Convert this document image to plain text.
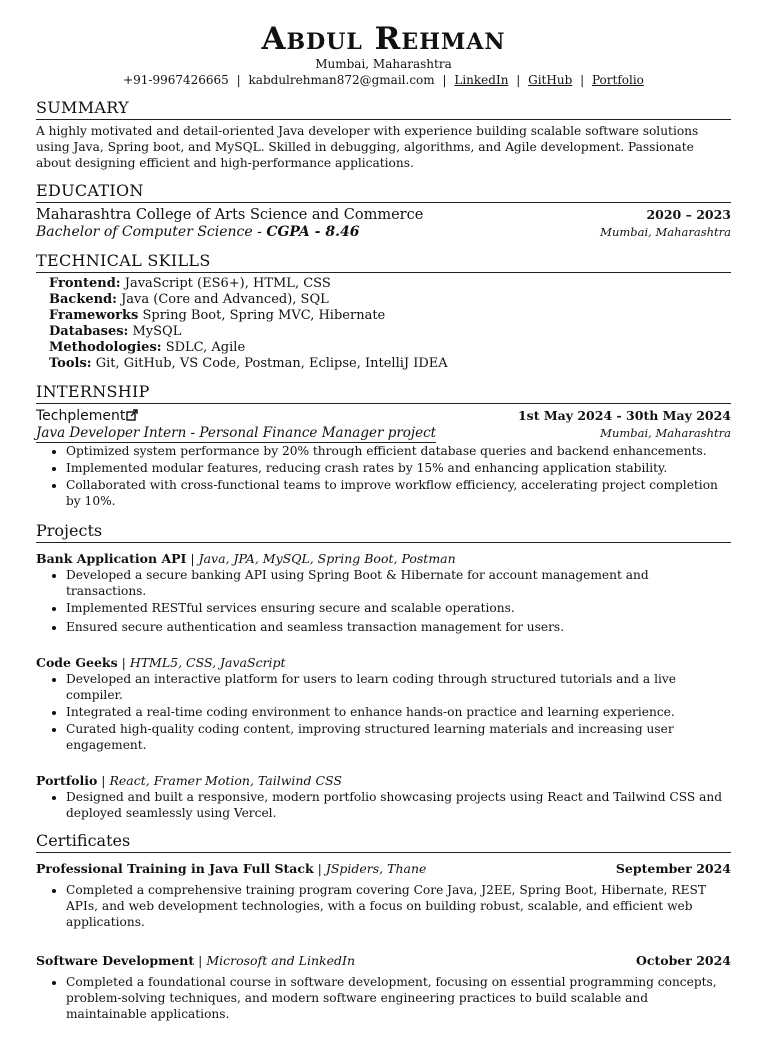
Abdul Rehman
Mumbai, Maharashtra
+91-9967426665 | kabdulrehman872@gmail.com | LinkedIn | GitHub | Portfolio
SUMMARY
A highly motivated and detail-oriented Java developer with experience building scalable software solutions using Java, Spring boot, and MySQL. Skilled in debugging, algorithms, and Agile development. Passionate about designing efficient and high-performance applications.
EDUCATION
Maharashtra College of Arts Science and Commerce	2020 – 2023
Bachelor of Computer Science - CGPA - 8.46	Mumbai, Maharashtra
TECHNICAL SKILLS
Frontend: JavaScript (ES6+), HTML, CSS
Backend: Java (Core and Advanced), SQL
Frameworks Spring Boot, Spring MVC, Hibernate
Databases: MySQL
Methodologies: SDLC, Agile
Tools: Git, GitHub, VS Code, Postman, Eclipse, IntelliJ IDEA
INTERNSHIP
Techplement	1st May 2024 - 30th May 2024
Java Developer Intern - Personal Finance Manager project	Mumbai, Maharashtra
• Optimized system performance by 20% through efficient database queries and backend enhancements.
• Implemented modular features, reducing crash rates by 15% and enhancing application stability.
• Collaborated with cross-functional teams to improve workflow efficiency, accelerating project completion by 10%.
Projects
Bank Application API | Java, JPA, MySQL, Spring Boot, Postman
• Developed a secure banking API using Spring Boot & Hibernate for account management and transactions.
• Implemented RESTful services ensuring secure and scalable operations.
• Ensured secure authentication and seamless transaction management for users.
Code Geeks | HTML5, CSS, JavaScript
• Developed an interactive platform for users to learn coding through structured tutorials and a live compiler.
• Integrated a real-time coding environment to enhance hands-on practice and learning experience.
• Curated high-quality coding content, improving structured learning materials and increasing user engagement.
Portfolio | React, Framer Motion, Tailwind CSS
• Designed and built a responsive, modern portfolio showcasing projects using React and Tailwind CSS and deployed seamlessly using Vercel.
Certificates
Professional Training in Java Full Stack | JSpiders, Thane	September 2024
• Completed a comprehensive training program covering Core Java, J2EE, Spring Boot, Hibernate, REST APIs, and web development technologies, with a focus on building robust, scalable, and efficient web applications.
Software Development | Microsoft and LinkedIn	October 2024
• Completed a foundational course in software development, focusing on essential programming concepts, problem-solving techniques, and modern software engineering practices to build scalable and maintainable applications.
